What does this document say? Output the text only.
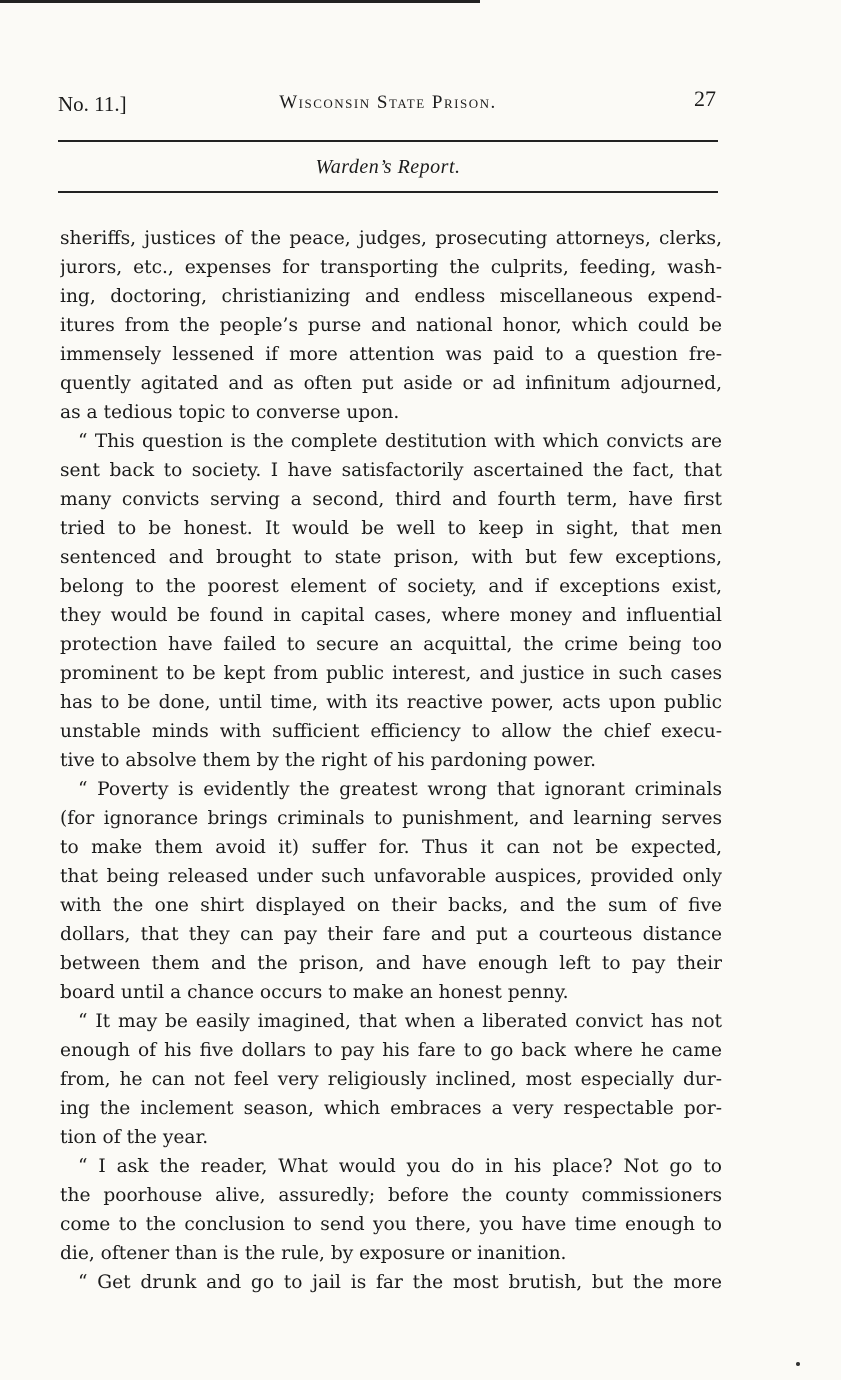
No. 11.]	Wisconsin State Prison.	27
Warden’s Report.
sheriffs, justices of the peace, judges, prosecuting attorneys, clerks,
jurors, etc., expenses for transporting the culprits, feeding, wash-
ing, doctoring, christianizing and endless miscellaneous expend-
itures from the people’s purse and national honor, which could be
immensely lessened if more attention was paid to a question fre-
quently agitated and as often put aside or ad infinitum adjourned,
as a tedious topic to converse upon.
“ This question is the complete destitution with which convicts are
sent back to society. I have satisfactorily ascertained the fact, that
many convicts serving a second, third and fourth term, have first
tried to be honest. It would be well to keep in sight, that men
sentenced and brought to state prison, with but few exceptions,
belong to the poorest element of society, and if exceptions exist,
they would be found in capital cases, where money and influential
protection have failed to secure an acquittal, the crime being too
prominent to be kept from public interest, and justice in such cases
has to be done, until time, with its reactive power, acts upon public
unstable minds with sufficient efficiency to allow the chief execu-
tive to absolve them by the right of his pardoning power.
“ Poverty is evidently the greatest wrong that ignorant criminals
(for ignorance brings criminals to punishment, and learning serves
to make them avoid it) suffer for. Thus it can not be expected,
that being released under such unfavorable auspices, provided only
with the one shirt displayed on their backs, and the sum of five
dollars, that they can pay their fare and put a courteous distance
between them and the prison, and have enough left to pay their
board until a chance occurs to make an honest penny.
“ It may be easily imagined, that when a liberated convict has not
enough of his five dollars to pay his fare to go back where he came
from, he can not feel very religiously inclined, most especially dur-
ing the inclement season, which embraces a very respectable por-
tion of the year.
“ I ask the reader, What would you do in his place? Not go to
the poorhouse alive, assuredly; before the county commissioners
come to the conclusion to send you there, you have time enough to
die, oftener than is the rule, by exposure or inanition.
“ Get drunk and go to jail is far the most brutish, but the more
